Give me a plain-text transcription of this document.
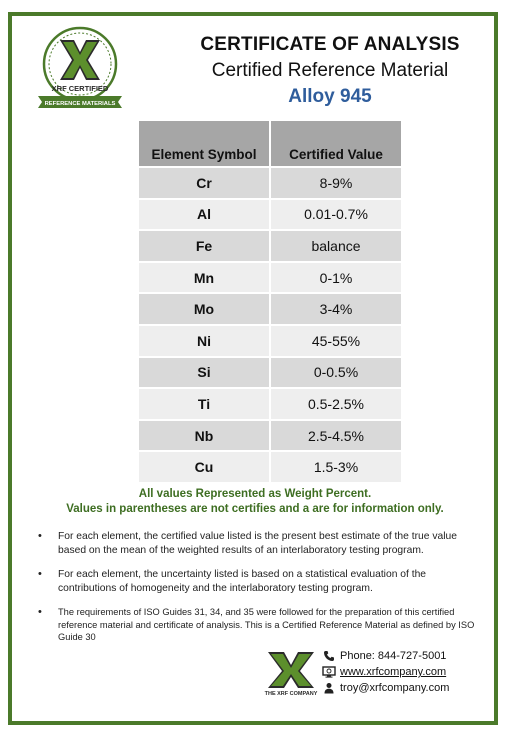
XRF CERTIFIED
REFERENCE MATERIALS
CERTIFICATE OF ANALYSIS
Certified Reference Material
Alloy 945
Element Symbol	Certified Value
Cr	8-9%
Al	0.01-0.7%
Fe	balance
Mn	0-1%
Mo	3-4%
Ni	45-55%
Si	0-0.5%
Ti	0.5-2.5%
Nb	2.5-4.5%
Cu	1.5-3%
All values Represented as Weight Percent.
Values in parentheses are not certifies and a are for information only.
• For each element, the certified value listed is the present best estimate of the true value based on the mean of the weighted results of an interlaboratory testing program.
• For each element, the uncertainty listed is based on a statistical evaluation of the contributions of homogeneity and the interlaboratory testing program.
• The requirements of ISO Guides 31, 34, and 35 were followed for the preparation of this certified reference material and certificate of analysis. This is a Certified Reference Material as defined by ISO Guide 30
THE XRF COMPANY
Phone: 844-727-5001
www.xrfcompany.com
troy@xrfcompany.com
